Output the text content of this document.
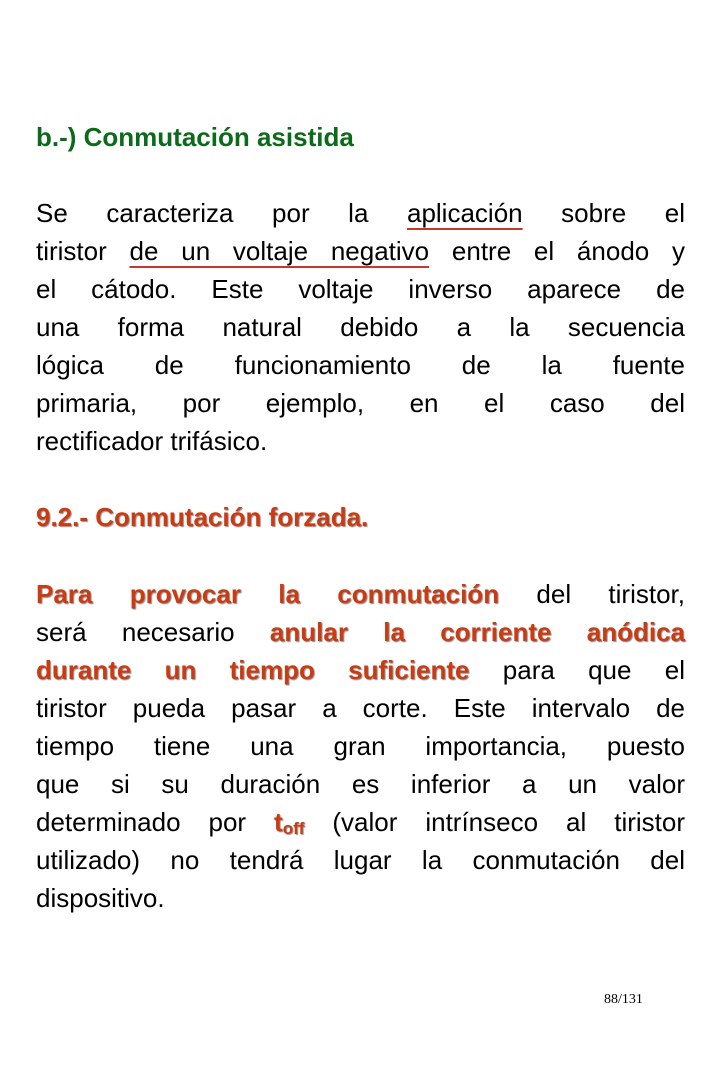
b.-) Conmutación asistida
Se caracteriza por la aplicación sobre el
tiristor de un voltaje negativo entre el ánodo y
el cátodo. Este voltaje inverso aparece de
una forma natural debido a la secuencia
lógica de funcionamiento de la fuente
primaria, por ejemplo, en el caso del
rectificador trifásico.
9.2.- Conmutación forzada.
Para provocar la conmutación del tiristor,
será necesario anular la corriente anódica
durante un tiempo suficiente para que el
tiristor pueda pasar a corte. Este intervalo de
tiempo tiene una gran importancia, puesto
que si su duración es inferior a un valor
determinado por $t_{off}$ (valor intrínseco al tiristor
utilizado) no tendrá lugar la conmutación del
dispositivo.
88/131
